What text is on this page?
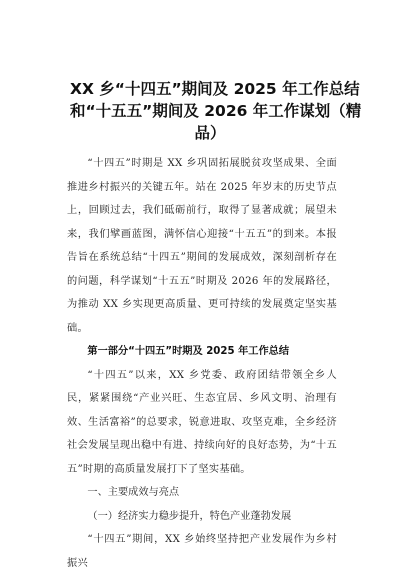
XX 乡“十四五”期间及 2025 年工作总结
和“十五五”期间及 2026 年工作谋划（精
品）

“十四五”时期是 XX 乡巩固拓展脱贫攻坚成果、全面推进乡村振兴的关键五年。站在 2025 年岁末的历史节点上，回顾过去，我们砥砺前行，取得了显著成就；展望未来，我们擘画蓝图，满怀信心迎接“十五五”的到来。本报告旨在系统总结“十四五”期间的发展成效，深刻剖析存在的问题，科学谋划“十五五”时期及 2026 年的发展路径，为推动 XX 乡实现更高质量、更可持续的发展奠定坚实基础。

第一部分“十四五”时期及 2025 年工作总结

“十四五”以来，XX 乡党委、政府团结带领全乡人民，紧紧围绕“产业兴旺、生态宜居、乡风文明、治理有效、生活富裕”的总要求，锐意进取、攻坚克难，全乡经济社会发展呈现出稳中有进、持续向好的良好态势，为“十五五”时期的高质量发展打下了坚实基础。

一、主要成效与亮点

（一）经济实力稳步提升，特色产业蓬勃发展

“十四五”期间，XX 乡始终坚持把产业发展作为乡村振兴
